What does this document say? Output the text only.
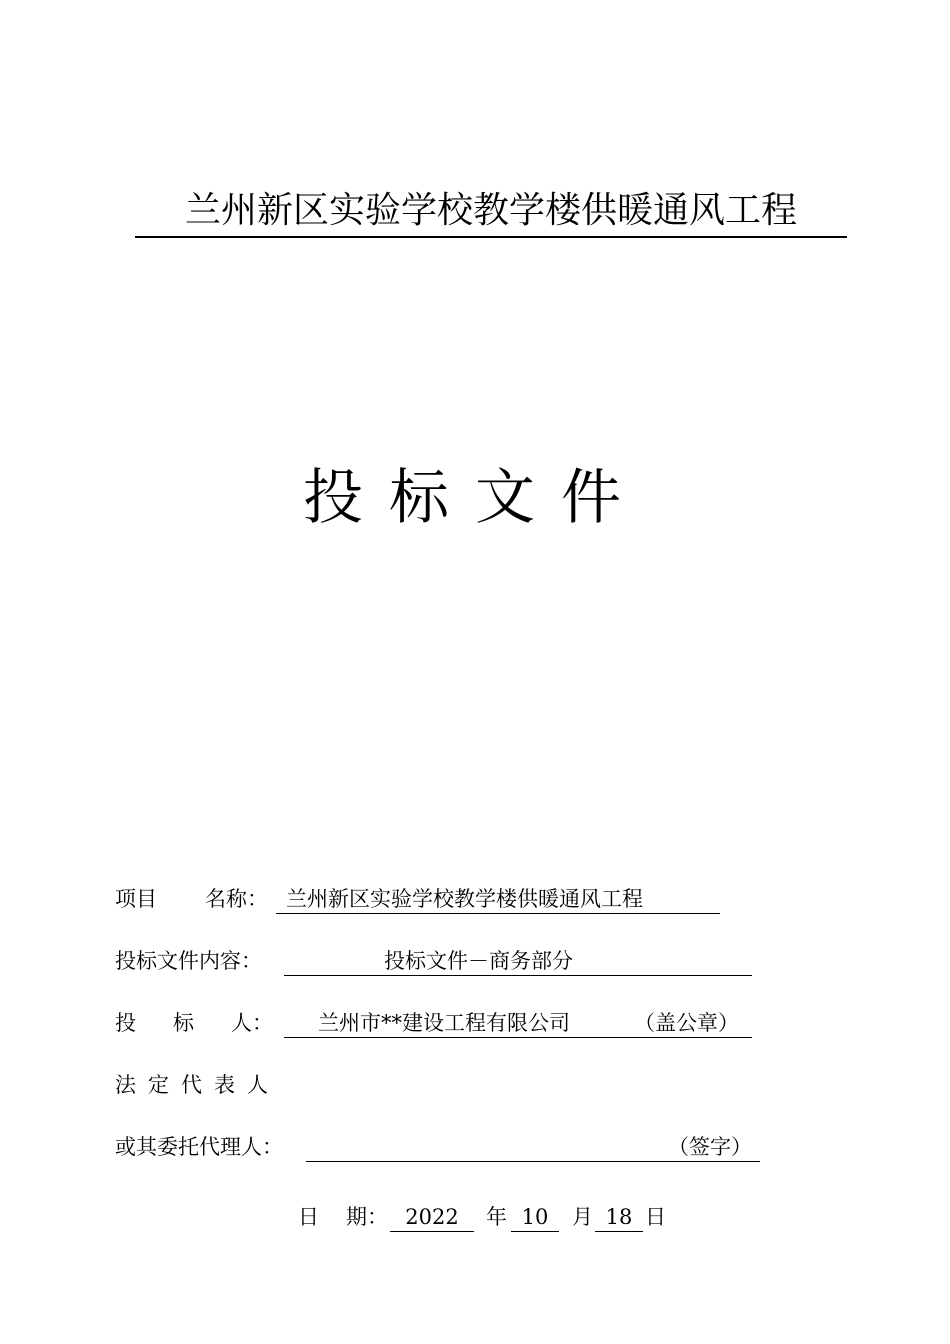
兰州新区实验学校教学楼供暖通风工程
投标文件
项目 名称： 兰州新区实验学校教学楼供暖通风工程
投标文件内容：	投标文件－商务部分
投 标 人： 兰州市**建设工程有限公司	（盖公章）
法定代表人
或其委托代理人：	（签字）
日 期： 2022	年 10	月 18 日
